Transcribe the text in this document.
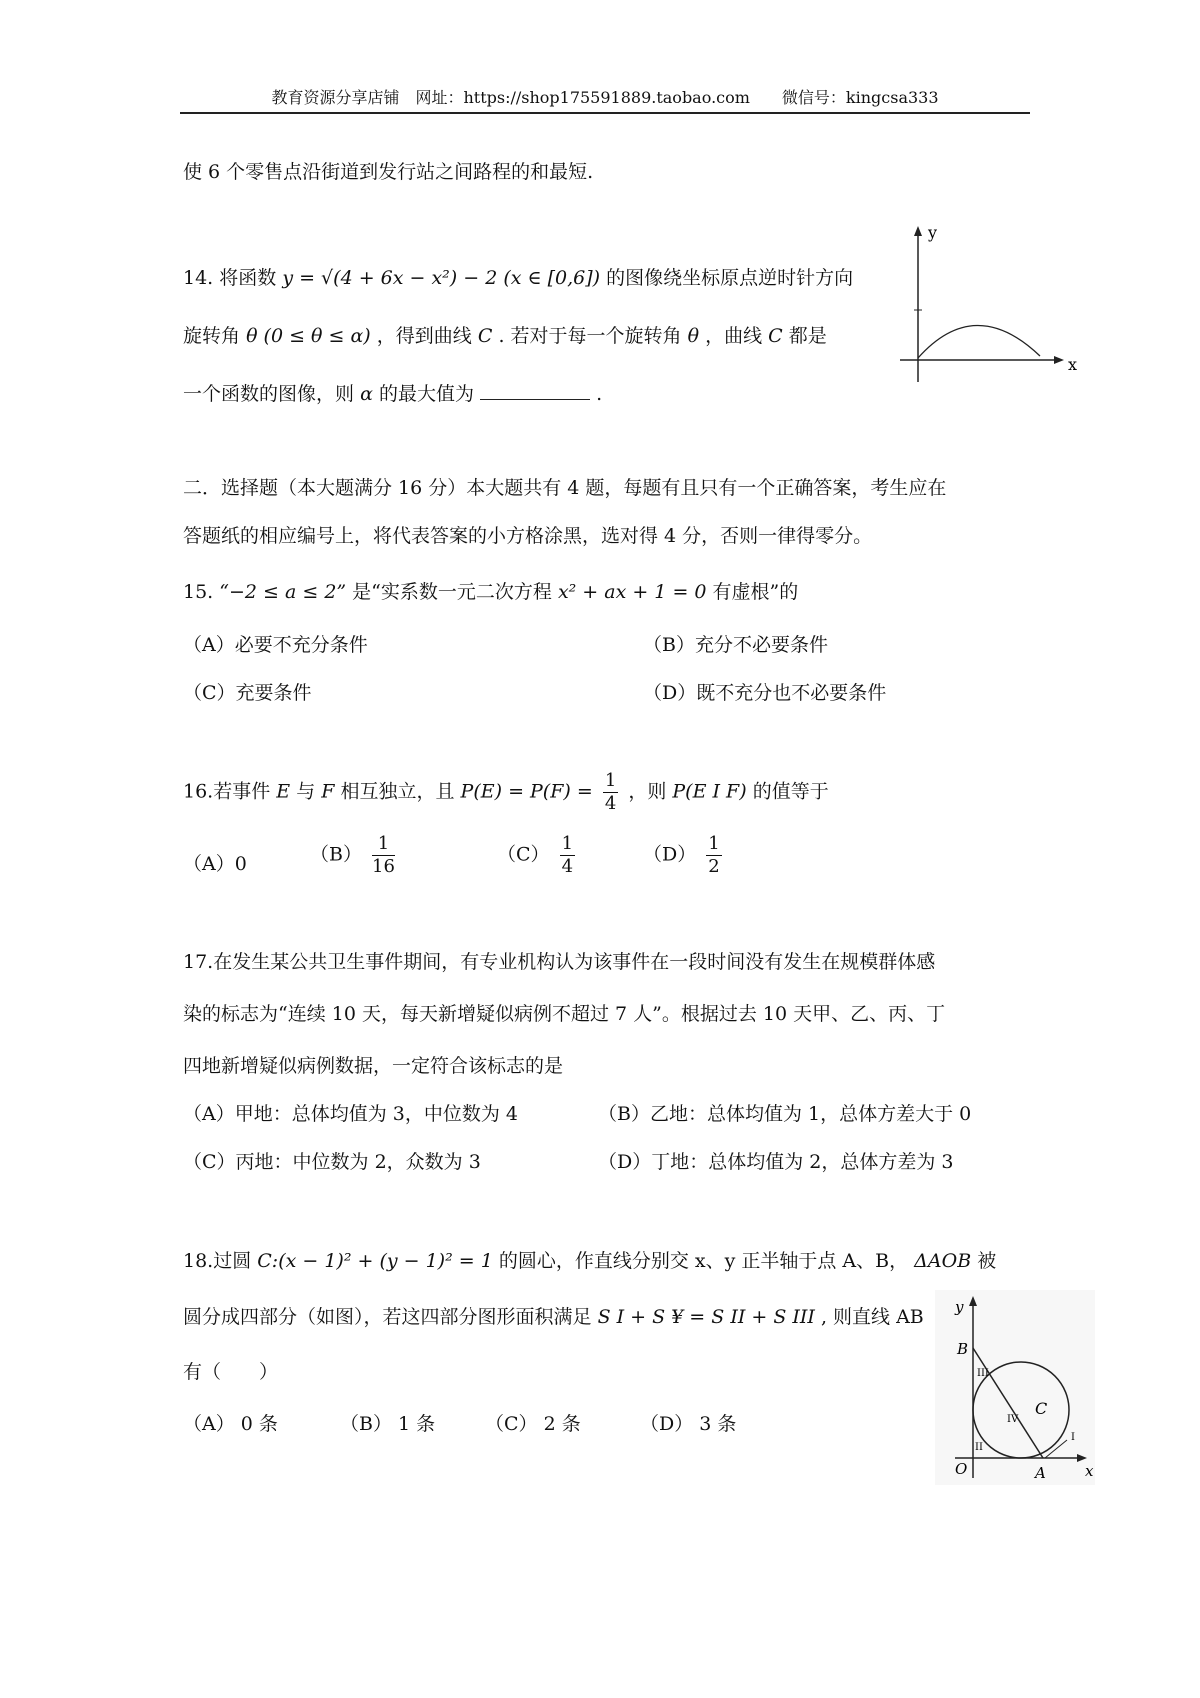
教育资源分享店铺　网址：https://shop175591889.taobao.com　　微信号：kingcsa333
使 6 个零售点沿街道到发行站之间路程的和最短.
14. 将函数 y = √(4 + 6x − x²) − 2 (x ∈ [0,6]) 的图像绕坐标原点逆时针方向
旋转角 θ (0 ≤ θ ≤ α) ，得到曲线 C . 若对于每一个旋转角 θ ，曲线 C 都是
一个函数的图像，则 α 的最大值为	.
y
x
二．选择题（本大题满分 16 分）本大题共有 4 题，每题有且只有一个正确答案，考生应在
答题纸的相应编号上，将代表答案的小方格涂黑，选对得 4 分，否则一律得零分。
15. “−2 ≤ a ≤ 2” 是“实系数一元二次方程 x² + ax + 1 = 0 有虚根”的
（A）必要不充分条件	（B）充分不必要条件
（C）充要条件	（D）既不充分也不必要条件
16.若事件 E 与 F 相互独立，且 $P(E) = P(F) = \frac{1}{4}$ ，则 P(E I F) 的值等于
（A）0	$(B) \frac{1}{16}$	$(C) \frac{1}{4}$	$(D) \frac{1}{2}$
17.在发生某公共卫生事件期间，有专业机构认为该事件在一段时间没有发生在规模群体感
染的标志为“连续 10 天，每天新增疑似病例不超过 7 人”。根据过去 10 天甲、乙、丙、丁
四地新增疑似病例数据，一定符合该标志的是
（A）甲地：总体均值为 3，中位数为 4	（B）乙地：总体均值为 1，总体方差大于 0
（C）丙地：中位数为 2，众数为 3	（D）丁地：总体均值为 2，总体方差为 3
18.过圆 C:(x − 1)² + (y − 1)² = 1 的圆心，作直线分别交 x、y 正半轴于点 A、B， ΔAOB 被
圆分成四部分（如图），若这四部分图形面积满足 S I + S ¥ = S II + S III , 则直线 AB
有（　　）
（A） 0 条	（B） 1 条	（C） 2 条	（D） 3 条
y
x
O	A
B
C
I
II
III
IV
